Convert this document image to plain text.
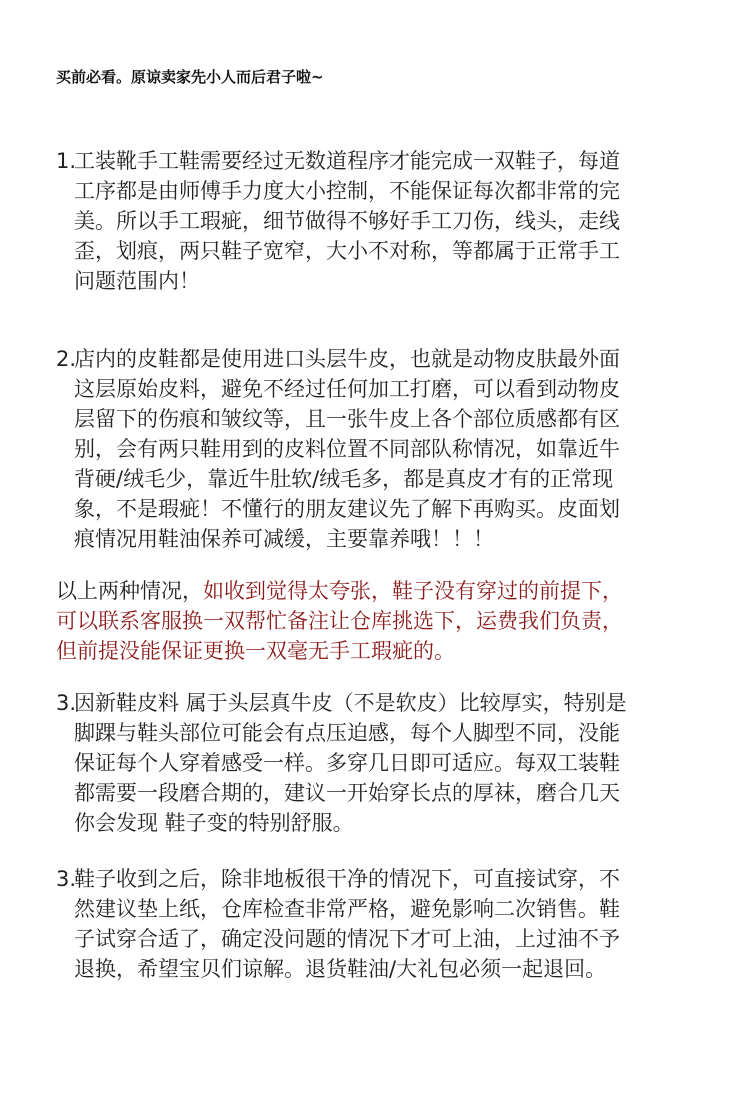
买前必看。原谅卖家先小人而后君子啦~
1.
工装靴手工鞋需要经过无数道程序才能完成一双鞋子，每道
工序都是由师傅手力度大小控制，不能保证每次都非常的完
美。所以手工瑕疵，细节做得不够好手工刀伤，线头，走线
歪，划痕，两只鞋子宽窄，大小不对称，等都属于正常手工
问题范围内！
2.
店内的皮鞋都是使用进口头层牛皮，也就是动物皮肤最外面
这层原始皮料，避免不经过任何加工打磨，可以看到动物皮
层留下的伤痕和皱纹等，且一张牛皮上各个部位质感都有区
别，会有两只鞋用到的皮料位置不同部队称情况，如靠近牛
背硬/绒毛少，靠近牛肚软/绒毛多，都是真皮才有的正常现
象，不是瑕疵！不懂行的朋友建议先了解下再购买。皮面划
痕情况用鞋油保养可减缓，主要靠养哦！！！
以上两种情况，如收到觉得太夸张，鞋子没有穿过的前提下，
可以联系客服换一双帮忙备注让仓库挑选下，运费我们负责，
但前提没能保证更换一双毫无手工瑕疵的。
3.
因新鞋皮料 属于头层真牛皮（不是软皮）比较厚实，特别是
脚踝与鞋头部位可能会有点压迫感，每个人脚型不同，没能
保证每个人穿着感受一样。多穿几日即可适应。每双工装鞋
都需要一段磨合期的，建议一开始穿长点的厚袜，磨合几天
你会发现 鞋子变的特别舒服。
3.
鞋子收到之后，除非地板很干净的情况下，可直接试穿，不
然建议垫上纸，仓库检查非常严格，避免影响二次销售。鞋
子试穿合适了，确定没问题的情况下才可上油，上过油不予
退换，希望宝贝们谅解。退货鞋油/大礼包必须一起退回。
